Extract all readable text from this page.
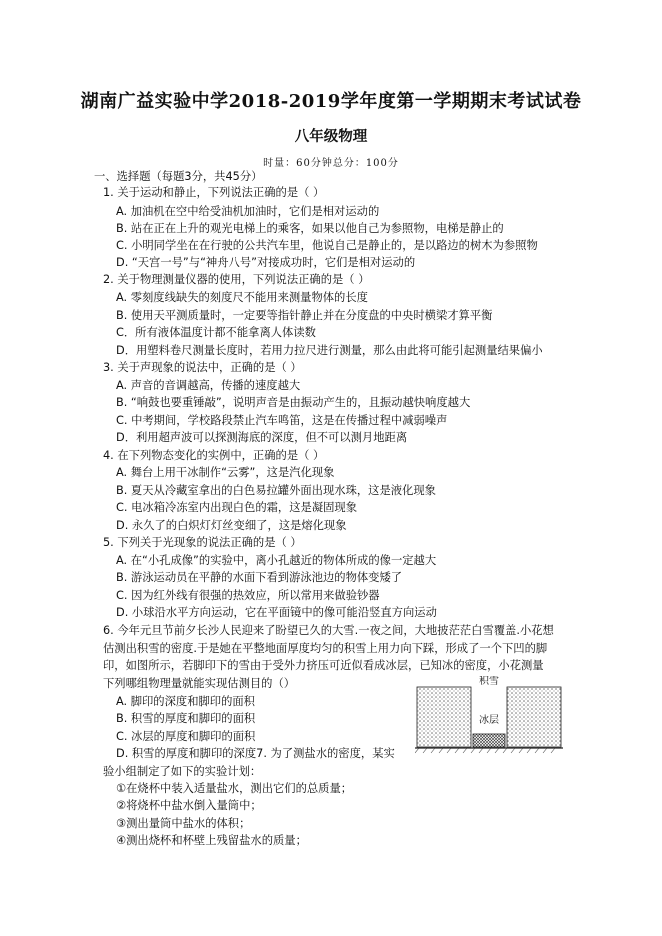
湖南广益实验中学2018-2019学年度第一学期期末考试试卷
八年级物理
时量：60分钟总分：100分
一、选择题（每题3分，共45分）
1. 关于运动和静止，下列说法正确的是（ ）
A. 加油机在空中给受油机加油时，它们是相对运动的
B. 站在正在上升的观光电梯上的乘客，如果以他自己为参照物，电梯是静止的
C. 小明同学坐在在行驶的公共汽车里，他说自己是静止的，是以路边的树木为参照物
D. “天宫一号”与“神舟八号”对接成功时，它们是相对运动的
2. 关于物理测量仪器的使用，下列说法正确的是（ ）
A. 零刻度线缺失的刻度尺不能用来测量物体的长度
B. 使用天平测质量时，一定要等指针静止并在分度盘的中央时横梁才算平衡
C．所有液体温度计都不能拿离人体读数
D．用塑料卷尺测量长度时，若用力拉尺进行测量，那么由此将可能引起测量结果偏小
3. 关于声现象的说法中，正确的是（ ）
A. 声音的音调越高，传播的速度越大
B. “响鼓也要重锤敲”，说明声音是由振动产生的，且振动越快响度越大
C. 中考期间，学校路段禁止汽车鸣笛，这是在传播过程中减弱噪声
D．利用超声波可以探测海底的深度，但不可以测月地距离
4. 在下列物态变化的实例中，正确的是（ ）
A. 舞台上用干冰制作“云雾”，这是汽化现象
B. 夏天从冷藏室拿出的白色易拉罐外面出现水珠，这是液化现象
C. 电冰箱冷冻室内出现白色的霜，这是凝固现象
D. 永久了的白炽灯灯丝变细了，这是熔化现象
5. 下列关于光现象的说法正确的是（ ）
A. 在“小孔成像”的实验中，离小孔越近的物体所成的像一定越大
B. 游泳运动员在平静的水面下看到游泳池边的物体变矮了
C. 因为红外线有很强的热效应，所以常用来做验钞器
D. 小球沿水平方向运动，它在平面镜中的像可能沿竖直方向运动
6. 今年元旦节前夕长沙人民迎来了盼望已久的大雪.一夜之间，大地披茫茫白雪覆盖.小花想
估测出积雪的密度.于是她在平整地面厚度均匀的积雪上用力向下踩，形成了一个下凹的脚
印，如图所示，若脚印下的雪由于受外力挤压可近似看成冰层，已知冰的密度，小花测量
下列哪组物理量就能实现估测目的（）
A. 脚印的深度和脚印的面积
B. 积雪的厚度和脚印的面积
C. 冰层的厚度和脚印的面积
D. 积雪的厚度和脚印的深度7. 为了测盐水的密度，某实
积雪
冰层
验小组制定了如下的实验计划：
①在烧杯中装入适量盐水，测出它们的总质量；
②将烧杯中盐水倒入量筒中；
③测出量筒中盐水的体积；
④测出烧杯和杯壁上残留盐水的质量；
